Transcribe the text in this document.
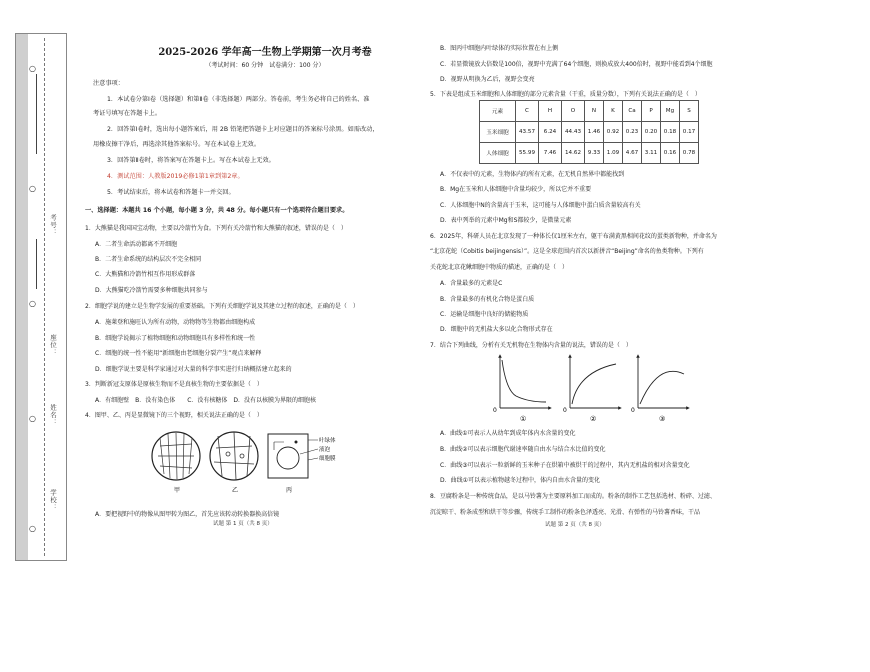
○
○
○
○
○
考号：
座位：
姓名：
学校：
2025-2026 学年高一生物上学期第一次月考卷
（考试时间：60 分钟　试卷满分：100 分）
注意事项：
1．本试卷分第Ⅰ卷（选择题）和第Ⅱ卷（非选择题）两部分。答卷前，考生务必将自己的姓名、准
考证号填写在答题卡上。
2．回答第Ⅰ卷时，选出每小题答案后，用 2B 铅笔把答题卡上对应题目的答案标号涂黑。如需改动，
用橡皮擦干净后，再选涂其他答案标号。写在本试卷上无效。
3．回答第Ⅱ卷时，将答案写在答题卡上。写在本试卷上无效。
4．测试范围：人教版2019必修1第1章到第2章。
5．考试结束后，将本试卷和答题卡一并交回。
一、选择题：本题共 16 个小题，每小题 3 分，共 48 分。每小题只有一个选项符合题目要求。
1．大熊猫是我国国宝动物，主要以冷箭竹为食。下列有关冷箭竹和大熊猫的叙述，错误的是（　）
A．二者生命活动都离不开细胞
B．二者生命系统的结构层次不完全相同
C．大熊猫和冷箭竹相互作用形成群落
D．大熊猫吃冷箭竹需要多种细胞共同参与
2．细胞学说的建立是生物学发展的重要基础。下列有关细胞学说及其建立过程的叙述，正确的是（　）
A．施莱登和施旺认为所有动物，动物物等生物都由细胞构成
B．细胞学说揭示了植物细胞和动物细胞具有多样性和统一性
C．细胞的统一性不能用“新细胞由老细胞分裂产生”观点来解释
D．细胞学说主要是科学家通过对大量的科学事实进行归纳概括建立起来的
3．判断新冠支原体是原核生物而不是真核生物的主要依据是（　）
A．有细胞壁　B．没有染色体　　C．没有核糖体　D．没有以核膜为界限的细胞核
4．图甲、乙、丙是显微镜下的三个视野，相关说法正确的是（　）
叶绿体
液泡
细胞膜
甲	乙	丙
A．要把视野中的物像从图甲转为图乙，首先应该转动转换器换高倍镜
试题 第 1 页（共 8 页）
B．图丙中细胞内叶绿体的实际位置在右上侧
C．若显微镜放大倍数是100倍，视野中充满了64个细胞，则换成放大400倍时，视野中能看到4个细胞
D．视野从明换为乙后，视野会变亮
5．下表是组成玉米细胞和人体细胞的部分元素含量（干重，质量分数），下列有关说法正确的是（　）
元素	C	H	O	N	K	Ca	P	Mg	S
玉米细胞	43.57	6.24	44.43	1.46	0.92	0.23	0.20	0.18	0.17
人体细胞	55.99	7.46	14.62	9.33	1.09	4.67	3.11	0.16	0.78
A．不仅表中的元素，生物体内的所有元素，在无机自然界中都能找到
B．Mg在玉米和人体细胞中含量均较少，所以它并不重要
C．人体细胞中N的含量高于玉米，这可能与人体细胞中蛋白质含量较高有关
D．表中列举的元素中Mg和S都较少，是微量元素
6．2025年，科研人员在北京发现了一种体长仅1厘米左右，躯干布满黄黑相间花纹的蛋类新物种，并命名为
“北京花蛇（Cobitis beijingensis）”。这是全球范围内首次以新拼音“Beijing”命名的鱼类物种。下列有
关花蛇北京花鳅细胞中物质的描述，正确的是（　）
A．含量最多的元素是C
B．含量最多的有机化合物是蛋白质
C．运输是细胞中良好的储能物质
D．细胞中的无机盐大多以化合物形式存在
7．结合下列曲线，分析有关无机物在生物体内含量的说法，错误的是（　）
0	0	0
①	②	③
A．曲线①可表示人从幼年到成年体内水含量的变化
B．曲线②可以表示细胞代谢速率随自由水与结合水比值的变化
C．曲线③可以表示一粒新鲜的玉米种子在烘箱中被烘干的过程中，其内无机盐的相对含量变化
D．曲线①可以表示植物越冬过程中，体内自由水含量的变化
8．豆腐粉条是一种传统食品，是以马铃薯为主要原料加工而成的。粉条的制作工艺包括选材、粉碎、过滤、
沉淀晾干、粉条成型和烘干等步骤，传统手工制作的粉条色泽透亮、光滑、有弹性的马铃薯香味，干品
试题 第 2 页（共 8 页）
